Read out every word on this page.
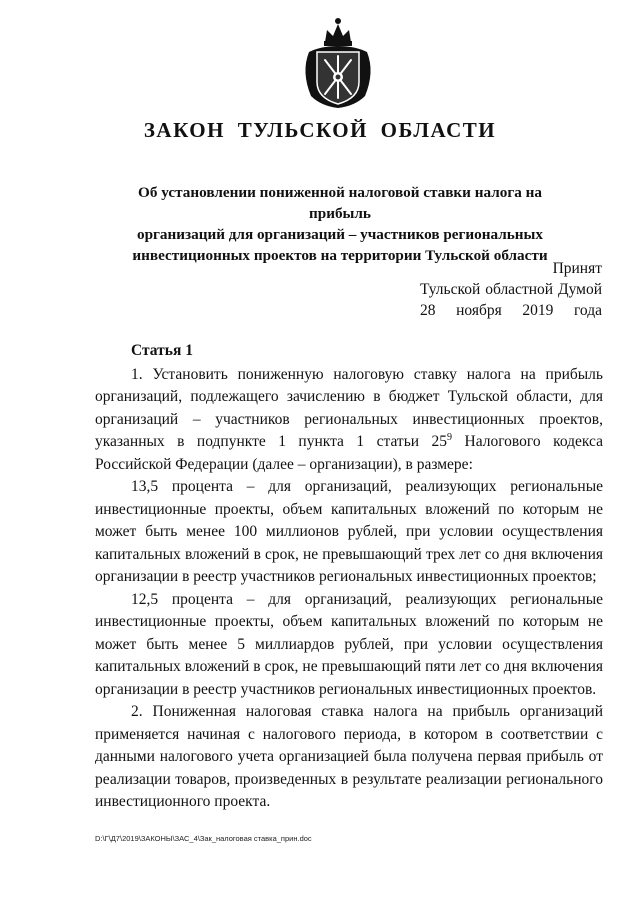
ЗАКОН ТУЛЬСКОЙ ОБЛАСТИ
Об установлении пониженной налоговой ставки налога на прибыль
организаций для организаций – участников региональных
инвестиционных проектов на территории Тульской области
Принят
Тульской областной Думой
28 ноября 2019 года
Статья 1

1. Установить пониженную налоговую ставку налога на прибыль организаций, подлежащего зачислению в бюджет Тульской области, для организаций – участников региональных инвестиционных проектов, указанных в подпункте 1 пункта 1 статьи $25^9$ Налогового кодекса Российской Федерации (далее – организации), в размере:

13,5 процента – для организаций, реализующих региональные инвестиционные проекты, объем капитальных вложений по которым не может быть менее 100 миллионов рублей, при условии осуществления капитальных вложений в срок, не превышающий трех лет со дня включения организации в реестр участников региональных инвестиционных проектов;

12,5 процента – для организаций, реализующих региональные инвестиционные проекты, объем капитальных вложений по которым не может быть менее 5 миллиардов рублей, при условии осуществления капитальных вложений в срок, не превышающий пяти лет со дня включения организации в реестр участников региональных инвестиционных проектов.

2. Пониженная налоговая ставка налога на прибыль организаций применяется начиная с налогового периода, в котором в соответствии с данными налогового учета организацией была получена первая прибыль от реализации товаров, произведенных в результате реализации регионального инвестиционного проекта.

D:\Г\Д7\2019\ЗАКОНЫ\ЗАС_4\Зак_налоговая ставка_прин.doc
